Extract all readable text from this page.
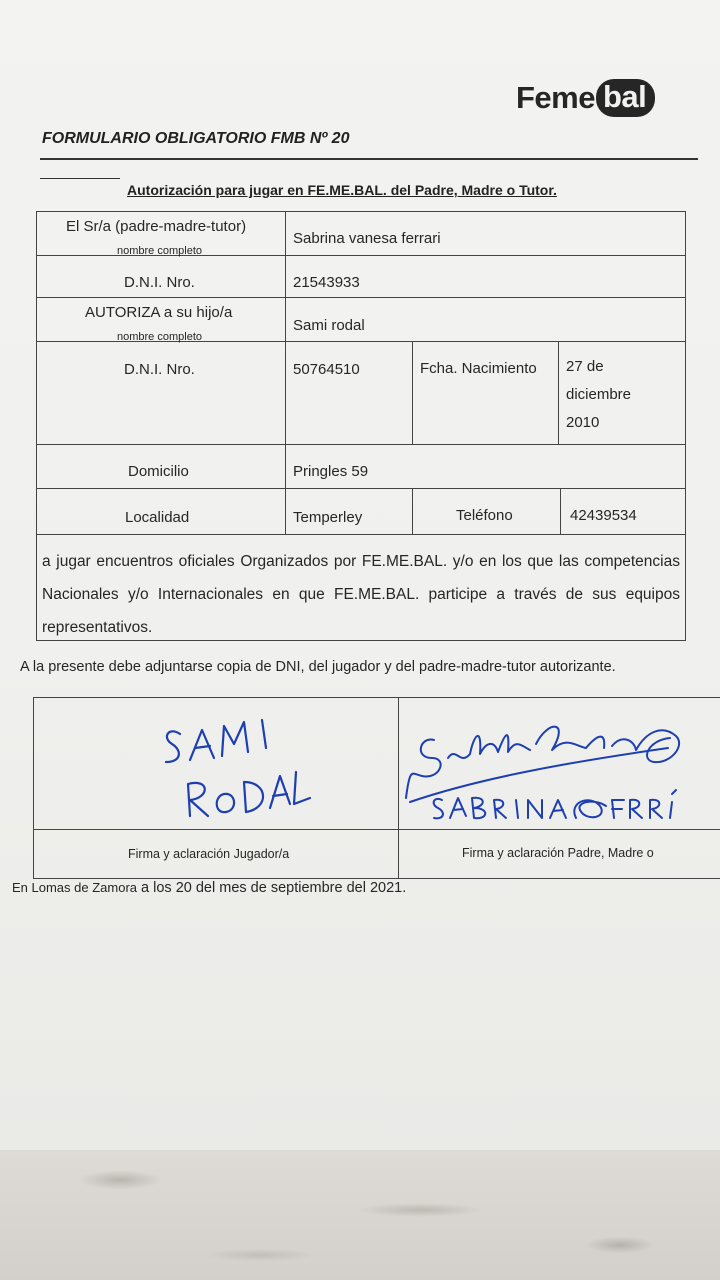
Feme bal
FORMULARIO OBLIGATORIO FMB Nº 20
Autorización para jugar en FE.ME.BAL. del Padre, Madre o Tutor.
El Sr/a (padre-madre-tutor)
nombre completo
Sabrina vanesa ferrari
D.N.I. Nro.	21543933
AUTORIZA a su hijo/a
nombre completo
Sami rodal
D.N.I. Nro.	50764510	Fcha. Nacimiento 27 de
diciembre
2010
Domicilio	Pringles 59
Localidad	Temperley	Teléfono	42439534
a jugar encuentros oficiales Organizados por FE.ME.BAL. y/o en los que las competencias Nacionales y/o Internacionales en que FE.ME.BAL. participe a través de sus equipos representativos.
A la presente debe adjuntarse copia de DNI, del jugador y del padre-madre-tutor autorizante.
Firma y aclaración Jugador/a	Firma y aclaración Padre, Madre o
En Lomas de Zamora a los 20 del mes de septiembre del 2021.
